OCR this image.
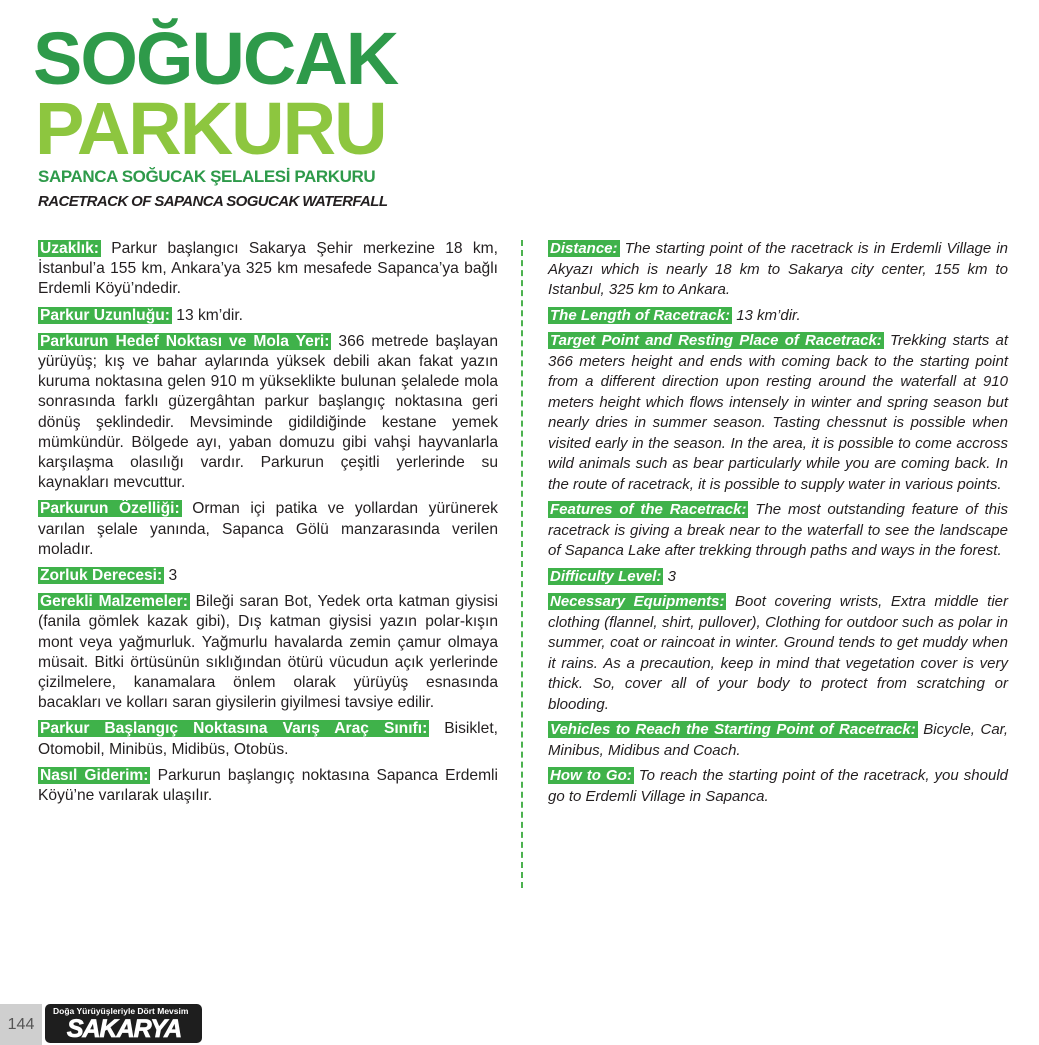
SOĞUCAK
PARKURU
SAPANCA SOĞUCAK ŞELALESİ PARKURU
RACETRACK OF SAPANCA SOGUCAK WATERFALL

Uzaklık: Parkur başlangıcı Sakarya Şehir merkezine 18 km, İstanbul’a 155 km, Ankara’ya 325 km mesafede Sapanca’ya bağlı Erdemli Köyü’ndedir.

Parkur Uzunluğu: 13 km’dir.

Parkurun Hedef Noktası ve Mola Yeri: 366 metrede başlayan yürüyüş; kış ve bahar aylarında yüksek debili akan fakat yazın kuruma noktasına gelen 910 m yükseklikte bulunan şelalede mola sonrasında farklı güzergâhtan parkur başlangıç noktasına geri dönüş şeklindedir. Mevsiminde gidildiğinde kestane yemek mümkündür. Bölgede ayı, yaban domuzu gibi vahşi hayvanlarla karşılaşma olasılığı vardır. Parkurun çeşitli yerlerinde su kaynakları mevcuttur.

Parkurun Özelliği: Orman içi patika ve yollardan yürünerek varılan şelale yanında, Sapanca Gölü manzarasında verilen moladır.

Zorluk Derecesi: 3

Gerekli Malzemeler: Bileği saran Bot, Yedek orta katman giysisi (fanila gömlek kazak gibi), Dış katman giysisi yazın polar-kışın mont veya yağmurluk. Yağmurlu havalarda zemin çamur olmaya müsait. Bitki örtüsünün sıklığından ötürü vücudun açık yerlerinde çizilmelere, kanamalara önlem olarak yürüyüş esnasında bacakları ve kolları saran giysilerin giyilmesi tavsiye edilir.

Parkur Başlangıç Noktasına Varış Araç Sınıfı: Bisiklet, Otomobil, Minibüs, Midibüs, Otobüs.

Nasıl Giderim: Parkurun başlangıç noktasına Sapanca Erdemli Köyü’ne varılarak ulaşılır.

Distance: The starting point of the racetrack is in Erdemli Village in Akyazı which is nearly 18 km to Sakarya city center, 155 km to Istanbul, 325 km to Ankara.

The Length of Racetrack: 13 km’dir.

Target Point and Resting Place of Racetrack: Trekking starts at 366 meters height and ends with coming back to the starting point from a different direction upon resting around the waterfall at 910 meters height which flows intensely in winter and spring season but nearly dries in summer season. Tasting chessnut is possible when visited early in the season. In the area, it is possible to come accross wild animals such as bear particularly while you are coming back. In the route of racetrack, it is possible to supply water in various points.

Features of the Racetrack: The most outstanding feature of this racetrack is giving a break near to the waterfall to see the landscape of Sapanca Lake after trekking through paths and ways in the forest.

Difficulty Level: 3

Necessary Equipments: Boot covering wrists, Extra middle tier clothing (flannel, shirt, pullover), Clothing for outdoor such as polar in summer, coat or raincoat in winter. Ground tends to get muddy when it rains. As a precaution, keep in mind that vegetation cover is very thick. So, cover all of your body to protect from scratching or blooding.

Vehicles to Reach the Starting Point of Racetrack: Bicycle, Car, Minibus, Midibus and Coach.

How to Go: To reach the starting point of the racetrack, you should go to Erdemli Village in Sapanca.

144
Doğa Yürüyüşleriyle Dört Mevsim
SAKARYA
